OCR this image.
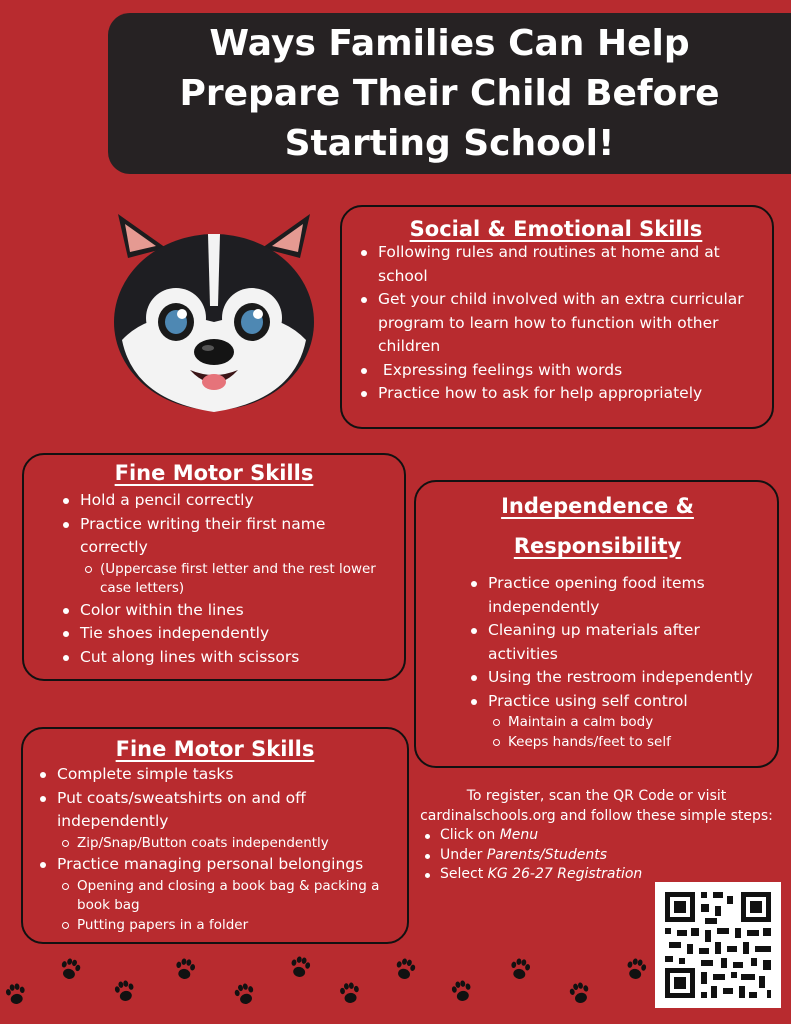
Ways Families Can Help
Prepare Their Child Before
Starting School!
Social & Emotional Skills
Following rules and routines at home and at school
Get your child involved with an extra curricular program to learn how to function with other children
Expressing feelings with words
Practice how to ask for help appropriately
Fine Motor Skills
Hold a pencil correctly
Practice writing their first name correctly
(Uppercase first letter and the rest lower case letters)
Color within the lines
Tie shoes independently
Cut along lines with scissors
Independence &
Responsibility
Practice opening food items independently
Cleaning up materials after activities
Using the restroom independently
Practice using self control
Maintain a calm body
Keeps hands/feet to self
Fine Motor Skills
Complete simple tasks
Put coats/sweatshirts on and off independently
Zip/Snap/Button coats independently
Practice managing personal belongings
Opening and closing a book bag & packing a book bag
Putting papers in a folder

To register, scan the QR Code or visit cardinalschools.org and follow these simple steps:

Click on Menu
Under Parents/Students
Select KG 26-27 Registration
